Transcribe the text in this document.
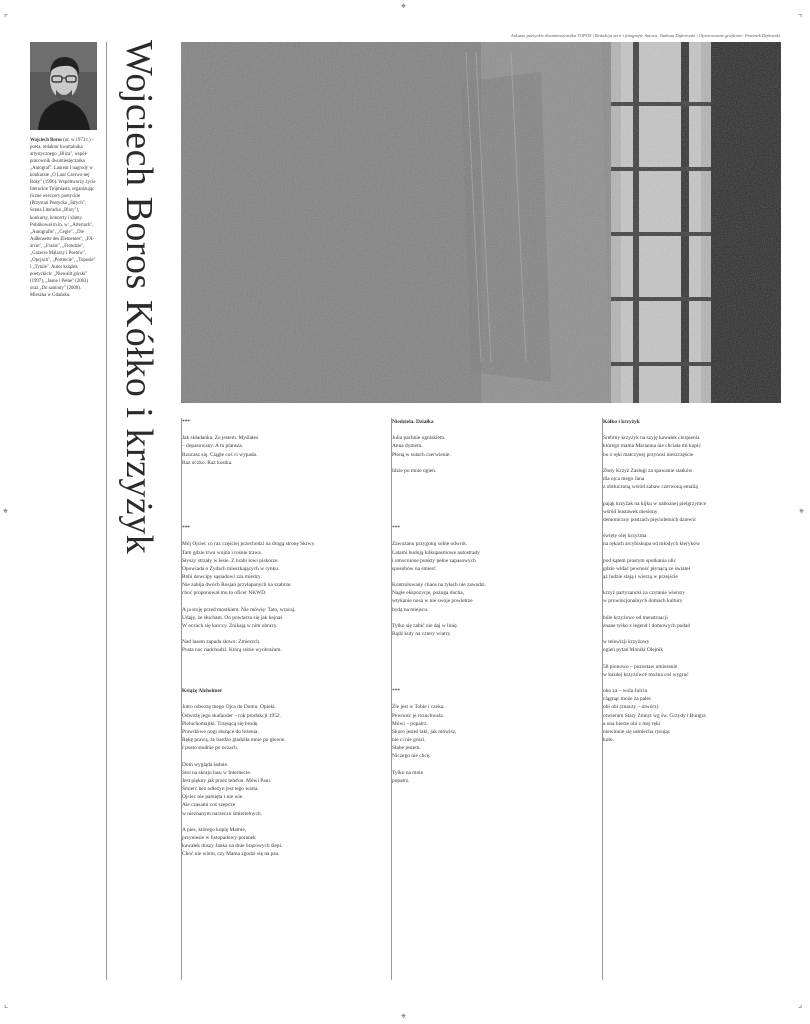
⌖
⌖
⌖	⌖
⌜	⌝
⌞	⌟
Arkusze poetyckie dwumiesięcznika TOPOS | Redakcja serii i fotografie Autora: Tadeusz Dąbrowski | Opracowanie graficzne: Przemek Dębowski
Wojciech Boros (ur. w 1973 r.) – poeta, redaktor kwartalnika artystycznego „Bliza", współ-pracownik dwumiesięcznika „Autograf". Laureat I nagrody w konkursie „O Laur Czerwo-nej Róży" (1996). Współtworzy życie literackie Trójmiasta, organizując liczne wieczory poetyckie (Przystań Poetycka „Strych", Scena Literacka „Blizy"), konkursy, koncerty i slamy. Publikował m.in. w: „Arteriach", „Autografie", „Cegle", „Die Außenseite des Elementes", „FA-arcie", „Frazie", „Frondzie", „Gazecie Malarzy i Poetów", „Opcjach", „Portrecie", „Toposie" i „Tytule". Autor książek poetyckich: „Niewalit górski" (1997), „Jasne i Pełne" (2003) oraz „Do samiuty" (2008). Mieszka w Gdańsku.	Wojciech Boros Kółko i krzyżyk	***

Jak składanka. Ze jestem. Myślałeś

– dopasowany. A tu plansza.

Rzucasz się. Ciągle coś ci wypada.

Raz oczko. Raz kostka.

***

Mój Ojciec co raz częściej przechodzi na drugą stronę Skrwy.

Tam gdzie trwa wojna i rośnie trawa.

Słyszy strzały w lesie. Z hrabi łowi piskorze.

Opowiada o Żydach mieszkających w rynku.

Robi dowcipy sąsiadowi zza miedzy.

Nie zabija dwóch Rosjan przyłapanych na szabrze.

choć proponował mu to oficer NKWD.

A ja stoję przed mostkiem. Nie mówię: Tato, wracaj.

Udaję, że słucham. On powtarza się jak hejnał.

W oczach się kurczy. Znikają w nim obrazy.

Nad lasem zapada słowo: Zmierzch.

Pusta noc nadchodzi. Którą sobie wyobrażam.

Książę Alzheimer

Jutro odwozę mego Ojca do Domu. Opieki.

Odwożę jego skafander – rok produkcji 1952.

Pieluchomajtki. Trzęsącą się brodę.

Prawdziwe nogi służące do leżenia.

Rękę prawą, że bardzo gładziła mnie po głowie.

I pusto studnie po oczach.

Dom wygląda ładnie.

Stoi na skraju lasu w Internecie.

Jest piękny jak przez telefon. Mówi Pani.

Śmierć bez odleżyn jest tego warta.

Ojciec nie pamięta i nie wie.

Ale czasami coś szepcze

w nieznanym narzeczu śmiertelnych.

A pies, którego kupię Mamie,

przyniesie w listopadowy poranek

kawałek duszy Janka na dnie brązowych ślepi.

Choć nie wiem, czy Mama zgodzi się na psa.

Niedziela. Działka

Julia pachnie ogniskiem.

Anna dymem.

Płoną w sutach czerwienie.

Idzie po mnie ogień.

***

Zawożanu przygotuj sobie odwrót.

Latami budują kilkupasmowe autostrady

i umocnione punkty pełne zapasowych

sposobów na śmierć.

Kontrolowany chaos na tyłach nie zawadzi.

Nagłe ekspozycje, pożoga ducha,

wtykanie nosa w nie swoje powietrze

bydą na miejscu.

Tylko się zabić nie daj w linię.

Bądź kuty na cztery wiatry.

***

Źle jest w Tobie i czeka.

Pewność je rozuchwala.

Mówi – popatrz.

Skoro jesteś taki, jak mówisz,

nie ci nie grozi.

Słabe jestem.

Niczego nie chcę.

Tylko na mnie

popatrz.

Kółko i krzyżyk

Srebrny krzyżyk na szyję kawałek cierpienia

którego mama Marianna nie chciała mi kupić

bo z ręki matczynej przynosi nieszczęście

Złoty Krzyż Zasługi za spawanie statków

dla ojca mego Jana

z obtłuczoną wśród zabaw czerwoną emalią

pająk krzyżak na kijku w naboznej pielgrzymce

wśród hustawek niesiony

demoniczny postrach pięcioletnich dziewic

święty olej krzyżma

na rękach arcybiskupa od młodych kleryków

pod kątem prostym spotkania ulic

gdzie widać pewność płynącą ze świateł

ąż ludzie stają i wierzą w przejście

krzyż partyzancki za czytanie wierszy

w prowincjonalnych domach kultury

bóle krzyżowe od menstruacji

znane tylko z legend i domowych podań

w telewizji krzyżowy

ogień pytań Moniki Olejnik

58 pionowo – pozostaw umieranie

w każdej krzyżówce można coś wygrać

oko za – wola Julcia

ciągnąc może za palec

obi obi (znaczy – otwórz)

otwieram Stary Zmnyt wg św. Grzydy i Bungra

a ona bierze obi z mej ręki

niewinnie się uśmiecha rysując

koło.
